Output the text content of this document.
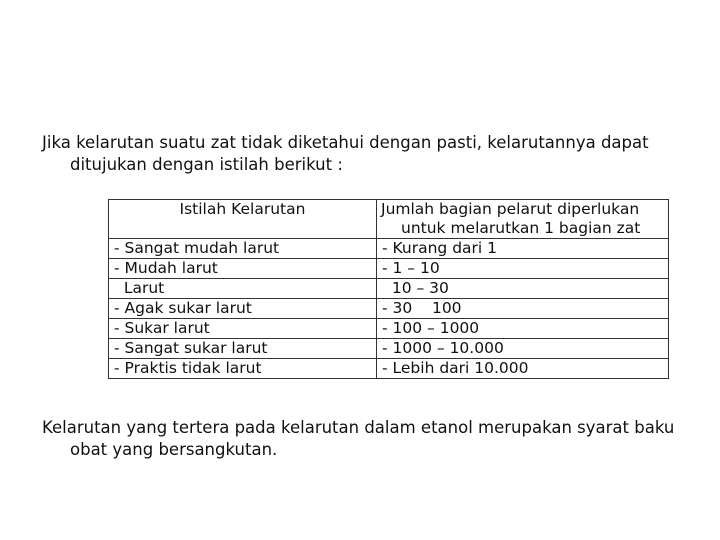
Jika kelarutan suatu zat tidak diketahui dengan pasti, kelarutannya dapat ditujukan dengan istilah berikut :

Istilah Kelarutan	Jumlah bagian pelarut diperlukan
untuk melarutkan 1 bagian zat

- Sangat mudah larut	- Kurang dari 1
- Mudah larut	- 1 – 10
Larut	10 – 30
- Agak sukar larut	- 30    100
- Sukar larut	- 100 – 1000
- Sangat sukar larut	- 1000 – 10.000
- Praktis tidak larut	- Lebih dari 10.000

Kelarutan yang tertera pada kelarutan dalam etanol merupakan syarat baku obat yang bersangkutan.
